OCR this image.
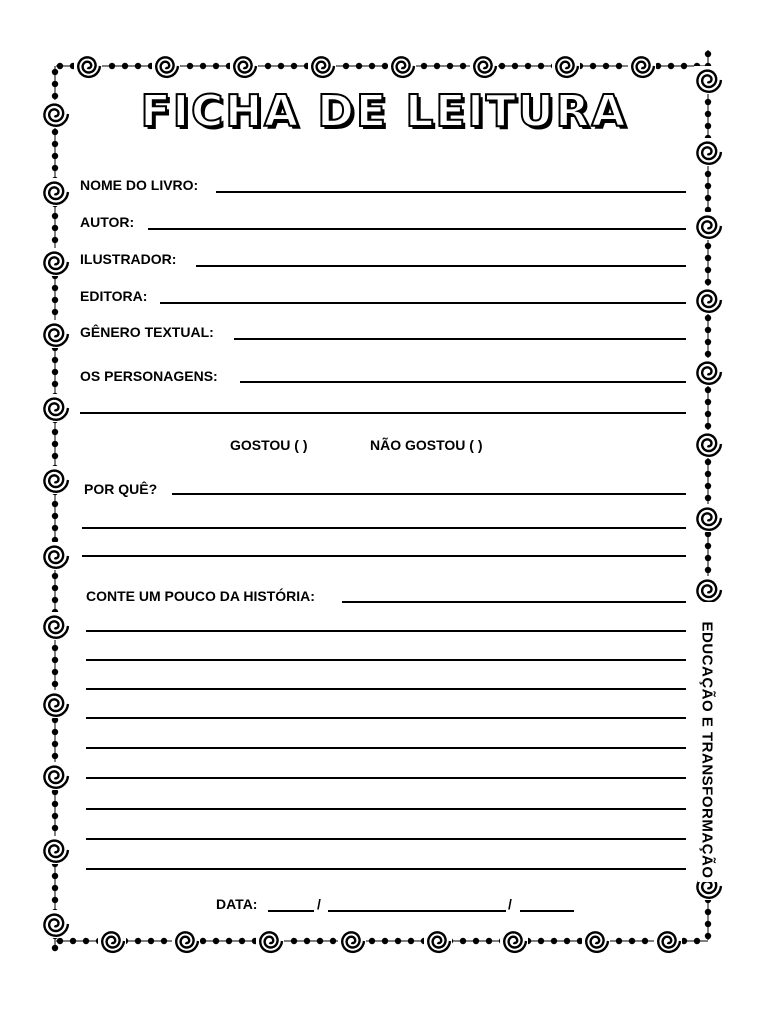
FICHA DE LEITURA
NOME DO LIVRO:
AUTOR:
ILUSTRADOR:
EDITORA:
GÊNERO TEXTUAL:
OS PERSONAGENS:
GOSTOU ( )	NÃO GOSTOU ( )
POR QUÊ?
CONTE UM POUCO DA HISTÓRIA:
DATA:	/	/
EDUCAÇÃO E TRANSFORMAÇÃO
